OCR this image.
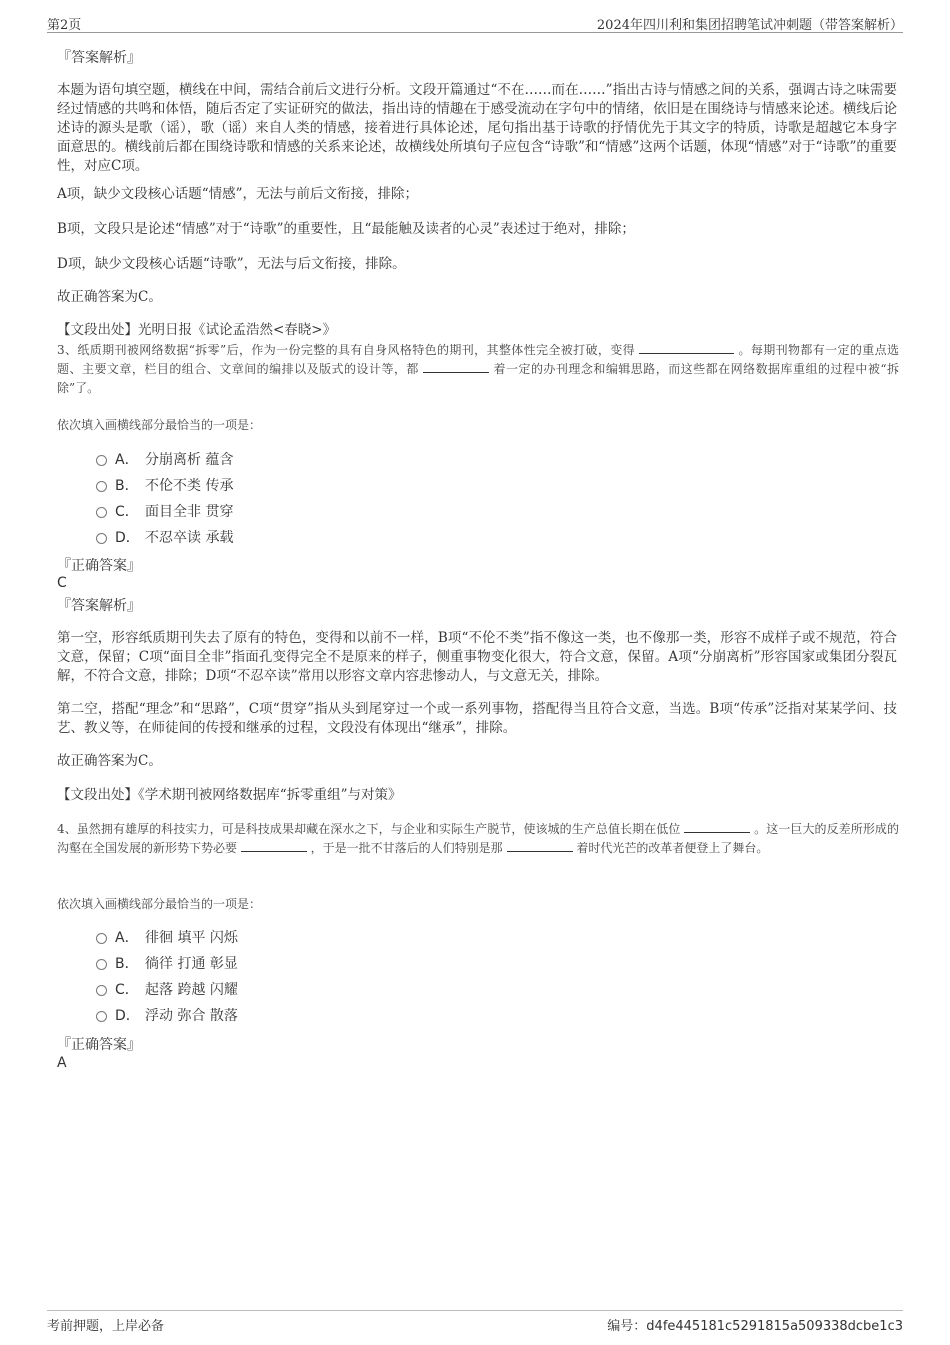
第2页	2024年四川利和集团招聘笔试冲刺题（带答案解析）

『答案解析』

本题为语句填空题，横线在中间，需结合前后文进行分析。文段开篇通过“不在……而在……”指出古诗与情感之间的关系，强调古诗之味需要经过情感的共鸣和体悟，随后否定了实证研究的做法，指出诗的情趣在于感受流动在字句中的情绪，依旧是在围绕诗与情感来论述。横线后论述诗的源头是歌（谣），歌（谣）来自人类的情感，接着进行具体论述，尾句指出基于诗歌的抒情优先于其文字的特质，诗歌是超越它本身字面意思的。横线前后都在围绕诗歌和情感的关系来论述，故横线处所填句子应包含“诗歌”和“情感”这两个话题，体现“情感”对于“诗歌”的重要性，对应C项。

A项，缺少文段核心话题“情感”，无法与前后文衔接，排除；

B项，文段只是论述“情感”对于“诗歌”的重要性，且“最能触及读者的心灵”表述过于绝对，排除；

D项，缺少文段核心话题“诗歌”，无法与后文衔接，排除。

故正确答案为C。

【文段出处】光明日报《试论孟浩然<春晓>》

3、纸质期刊被网络数据“拆零”后，作为一份完整的具有自身风格特色的期刊，其整体性完全被打破，变得	。每期刊物都有一定的重点选题、主要文章，栏目的组合、文章间的编排以及版式的设计等，都	着一定的办刊理念和编辑思路，而这些都在网络数据库重组的过程中被“拆除”了。
依次填入画横线部分最恰当的一项是：
A． 分崩离析 蕴含
B． 不伦不类 传承
C． 面目全非 贯穿
D． 不忍卒读 承载

『正确答案』

C

『答案解析』

第一空，形容纸质期刊失去了原有的特色，变得和以前不一样，B项“不伦不类”指不像这一类，也不像那一类，形容不成样子或不规范，符合文意，保留；C项“面目全非”指面孔变得完全不是原来的样子，侧重事物变化很大，符合文意，保留。A项“分崩离析”形容国家或集团分裂瓦解，不符合文意，排除；D项“不忍卒读”常用以形容文章内容悲惨动人，与文意无关，排除。

第二空，搭配“理念”和“思路”，C项“贯穿”指从头到尾穿过一个或一系列事物，搭配得当且符合文意，当选。B项“传承”泛指对某某学问、技艺、教义等，在师徒间的传授和继承的过程，文段没有体现出“继承”，排除。

故正确答案为C。

【文段出处】《学术期刊被网络数据库“拆零重组”与对策》

4、虽然拥有雄厚的科技实力，可是科技成果却藏在深水之下，与企业和实际生产脱节，使该城的生产总值长期在低位	。这一巨大的反差所形成的沟壑在全国发展的新形势下势必要	，于是一批不甘落后的人们特别是那	着时代光芒的改革者便登上了舞台。
依次填入画横线部分最恰当的一项是：
A． 徘徊 填平 闪烁
B． 徜徉 打通 彰显
C． 起落 跨越 闪耀
D． 浮动 弥合 散落

『正确答案』

A
考前押题，上岸必备	编号：d4fe445181c5291815a509338dcbe1c3
